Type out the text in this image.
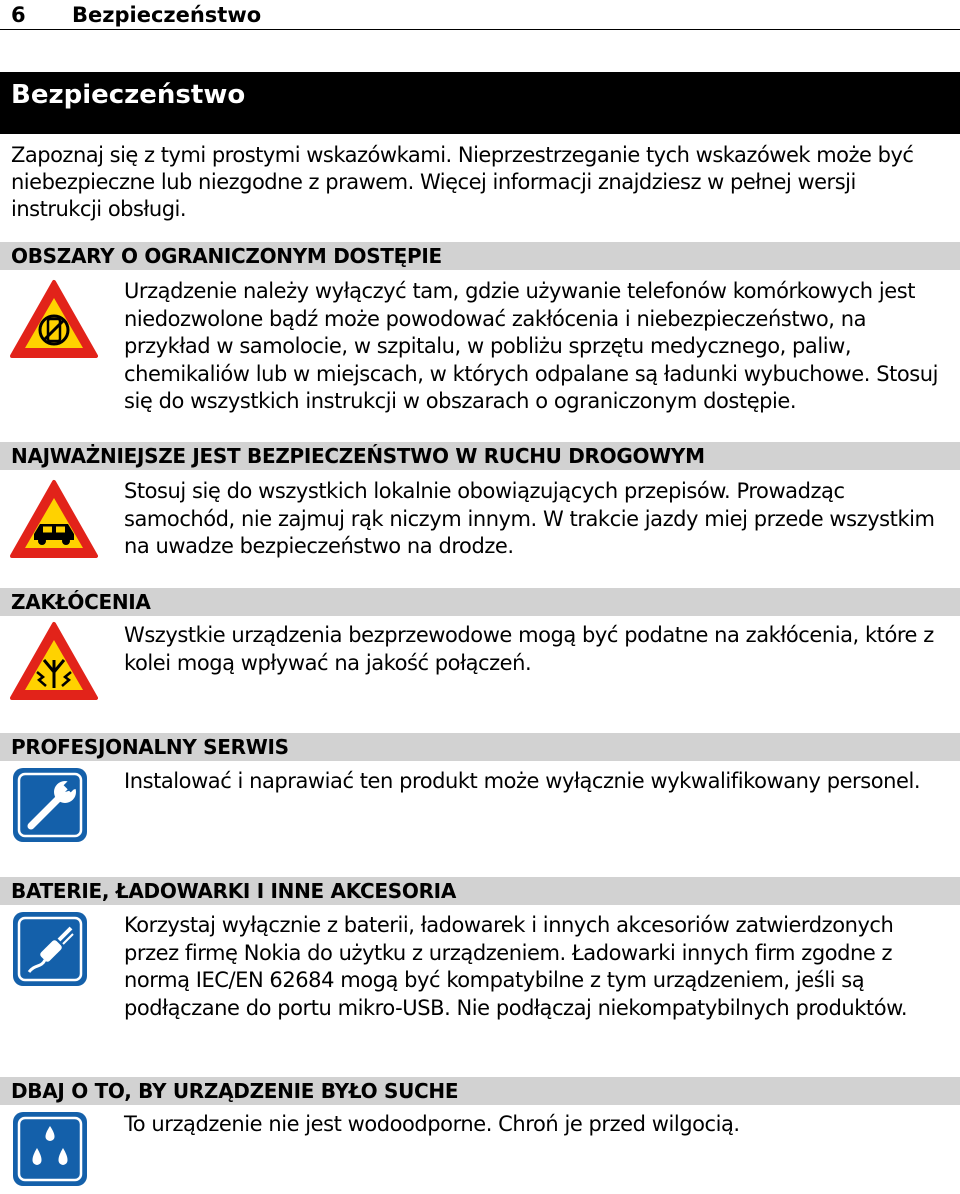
6 Bezpieczeństwo
Bezpieczeństwo

Zapoznaj się z tymi prostymi wskazówkami. Nieprzestrzeganie tych wskazówek może być niebezpieczne lub niezgodne z prawem. Więcej informacji znajdziesz w pełnej wersji instrukcji obsługi.

OBSZARY O OGRANICZONYM DOSTĘPIE

Urządzenie należy wyłączyć tam, gdzie używanie telefonów komórkowych jest niedozwolone bądź może powodować zakłócenia i niebezpieczeństwo, na przykład w samolocie, w szpitalu, w pobliżu sprzętu medycznego, paliw, chemikaliów lub w miejscach, w których odpalane są ładunki wybuchowe. Stosuj się do wszystkich instrukcji w obszarach o ograniczonym dostępie.

NAJWAŻNIEJSZE JEST BEZPIECZEŃSTWO W RUCHU DROGOWYM

Stosuj się do wszystkich lokalnie obowiązujących przepisów. Prowadząc samochód, nie zajmuj rąk niczym innym. W trakcie jazdy miej przede wszystkim na uwadze bezpieczeństwo na drodze.

ZAKŁÓCENIA

Wszystkie urządzenia bezprzewodowe mogą być podatne na zakłócenia, które z kolei mogą wpływać na jakość połączeń.

PROFESJONALNY SERWIS

Instalować i naprawiać ten produkt może wyłącznie wykwalifikowany personel.

BATERIE, ŁADOWARKI I INNE AKCESORIA

Korzystaj wyłącznie z baterii, ładowarek i innych akcesoriów zatwierdzonych przez firmę Nokia do użytku z urządzeniem. Ładowarki innych firm zgodne z normą IEC/EN 62684 mogą być kompatybilne z tym urządzeniem, jeśli są podłączane do portu mikro-USB. Nie podłączaj niekompatybilnych produktów.

DBAJ O TO, BY URZĄDZENIE BYŁO SUCHE

To urządzenie nie jest wodoodporne. Chroń je przed wilgocią.
